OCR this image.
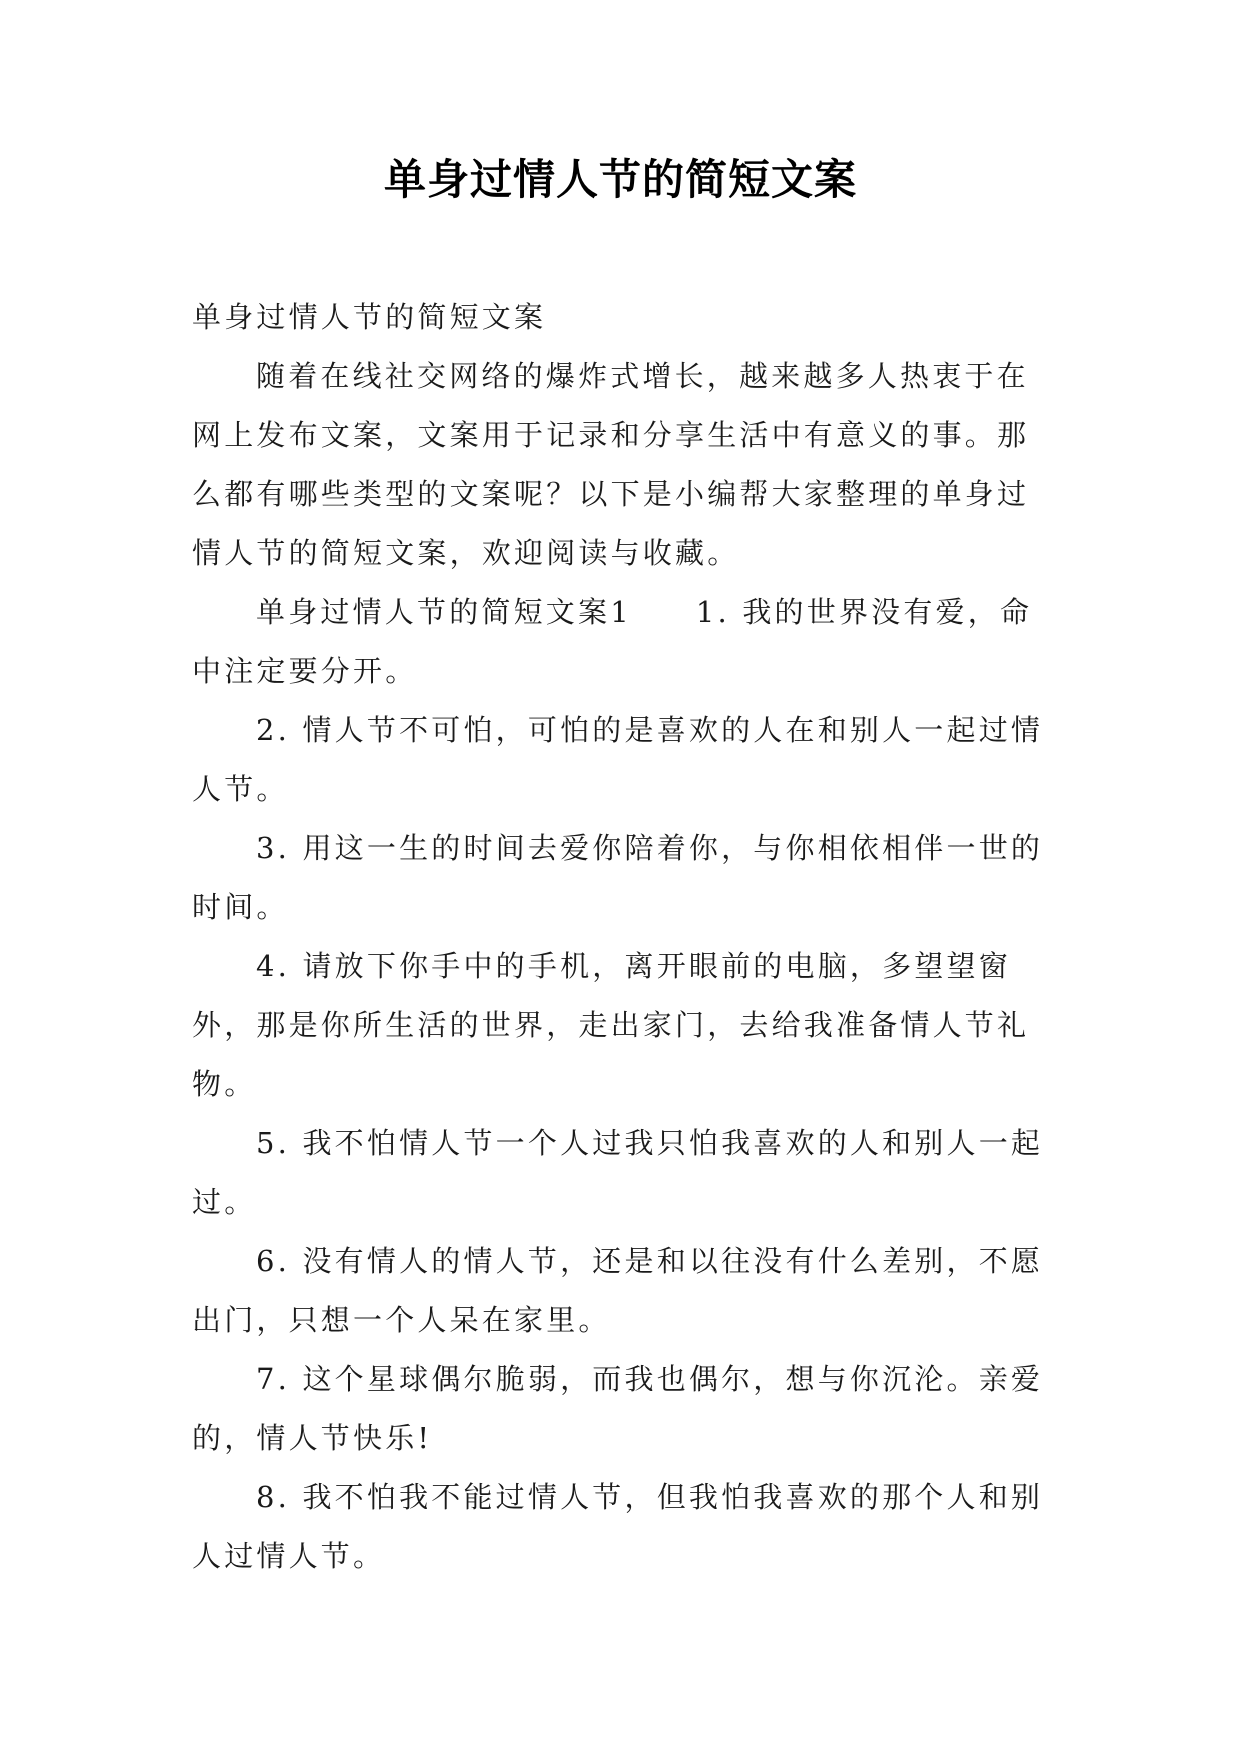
单身过情人节的简短文案

单身过情人节的简短文案

随着在线社交网络的爆炸式增长，越来越多人热衷于在网上发布文案，文案用于记录和分享生活中有意义的事。那么都有哪些类型的文案呢？以下是小编帮大家整理的单身过情人节的简短文案，欢迎阅读与收藏。

单身过情人节的简短文案1 1. 我的世界没有爱，命中注定要分开。

2. 情人节不可怕，可怕的是喜欢的人在和别人一起过情人节。

3. 用这一生的时间去爱你陪着你，与你相依相伴一世的时间。

4. 请放下你手中的手机，离开眼前的电脑，多望望窗外，那是你所生活的世界，走出家门，去给我准备情人节礼物。

5. 我不怕情人节一个人过我只怕我喜欢的人和别人一起过。

6. 没有情人的情人节，还是和以往没有什么差别，不愿出门，只想一个人呆在家里。

7. 这个星球偶尔脆弱，而我也偶尔，想与你沉沦。亲爱的，情人节快乐!

8. 我不怕我不能过情人节，但我怕我喜欢的那个人和别人过情人节。
